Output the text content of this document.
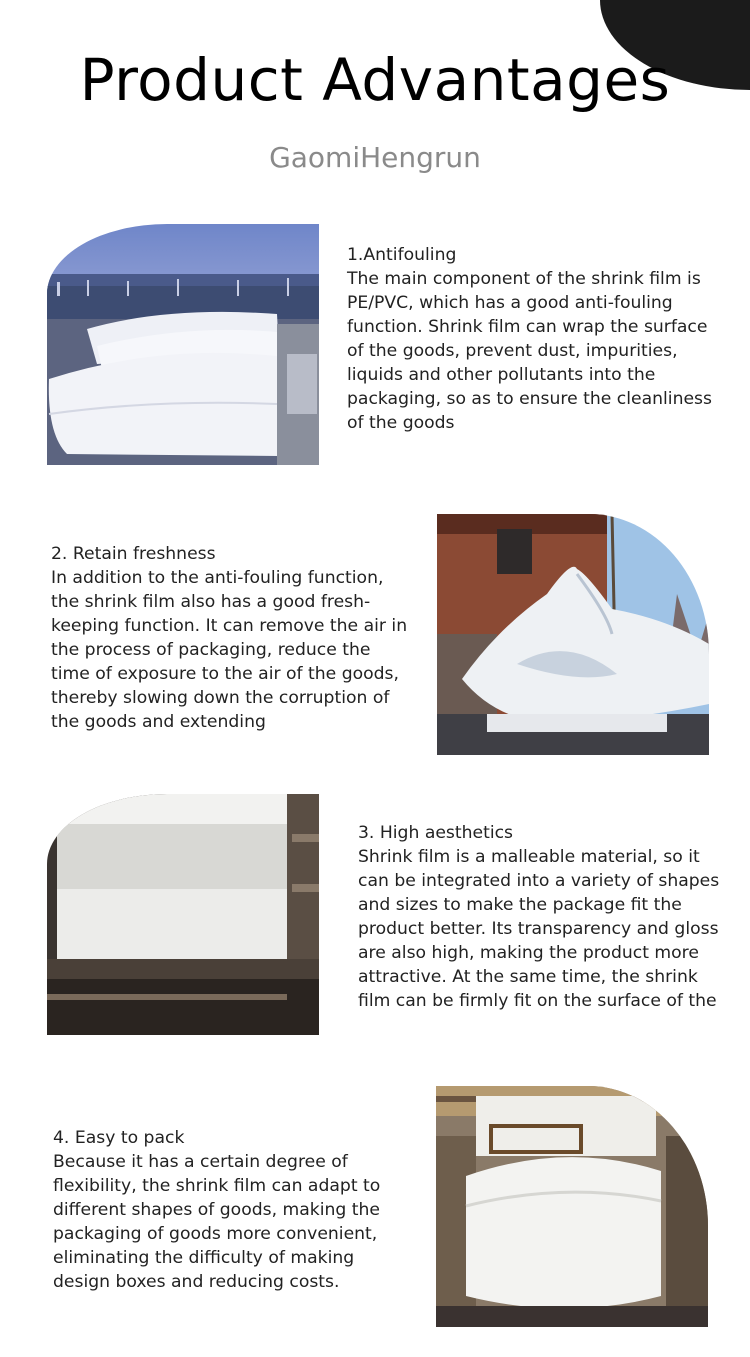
Product Advantages
GaomiHengrun

1.Antifouling

The main component of the shrink film is PE/PVC, which has a good anti-fouling function. Shrink film can wrap the surface of the goods, prevent dust, impurities, liquids and other pollutants into the packaging, so as to ensure the cleanliness of the goods

2. Retain freshness

In addition to the anti-fouling function, the shrink film also has a good fresh-keeping function. It can remove the air in the process of packaging, reduce the time of exposure to the air of the goods, thereby slowing down the corruption of the goods and extending

3. High aesthetics

Shrink film is a malleable material, so it can be integrated into a variety of shapes and sizes to make the package fit the product better. Its transparency and gloss are also high, making the product more attractive. At the same time, the shrink film can be firmly fit on the surface of the

4. Easy to pack

Because it has a certain degree of flexibility, the shrink film can adapt to different shapes of goods, making the packaging of goods more convenient, eliminating the difficulty of making design boxes and reducing costs.
